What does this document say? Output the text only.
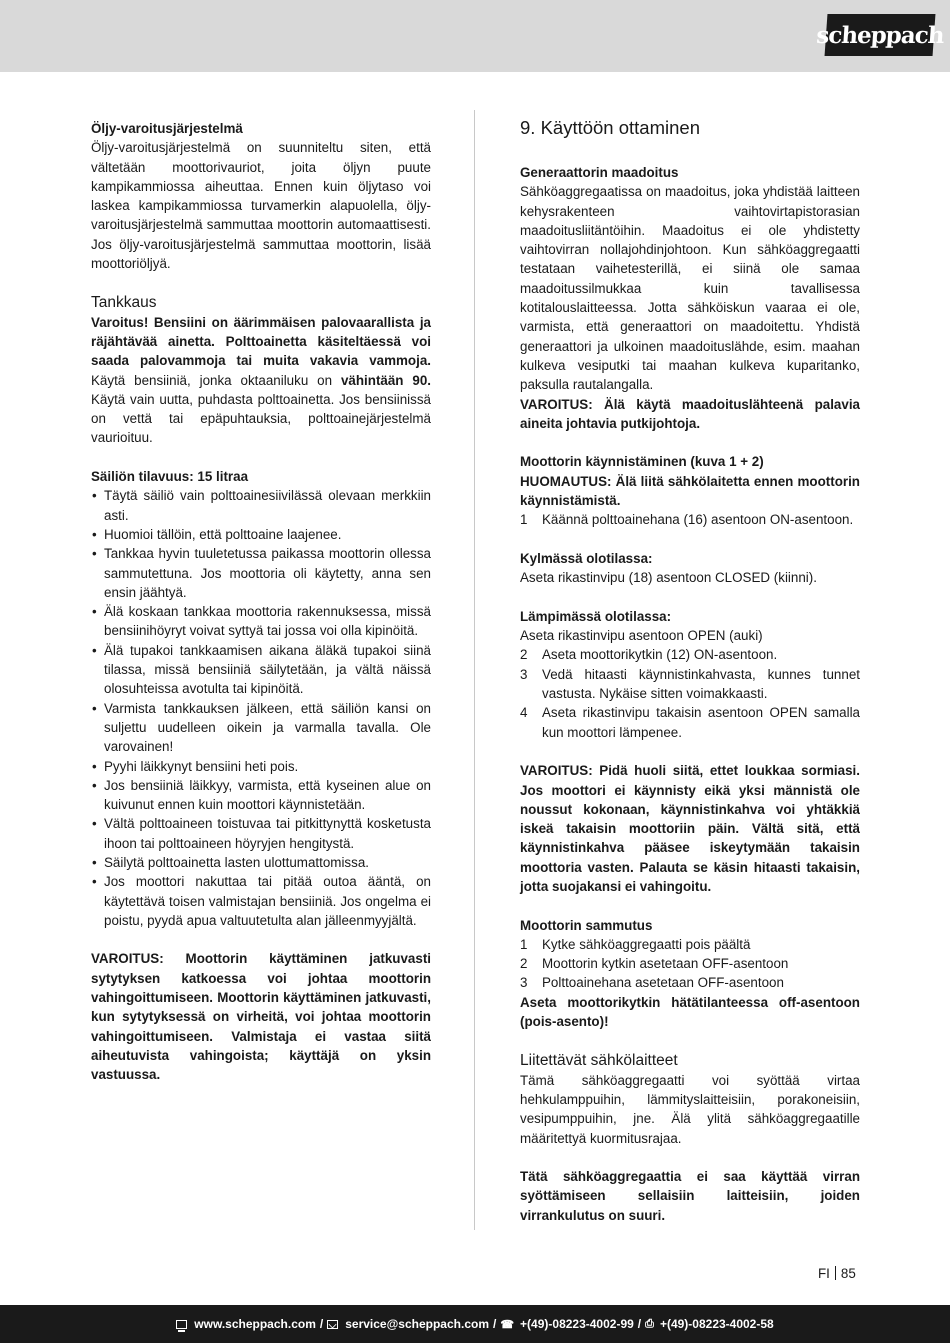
scheppach
Öljy-varoitusjärjestelmä
Öljy-varoitusjärjestelmä on suunniteltu siten, että vältetään moottorivauriot, joita öljyn puute kampikammiossa aiheuttaa. Ennen kuin öljytaso voi laskea kampikammiossa turvamerkin alapuolella, öljy-varoitusjärjestelmä sammuttaa moottorin automaattisesti. Jos öljy-varoitusjärjestelmä sammuttaa moottorin, lisää moottoriöljyä.
Tankkaus
Varoitus! Bensiini on äärimmäisen palovaarallista ja räjähtävää ainetta. Polttoainetta käsiteltäessä voi saada palovammoja tai muita vakavia vammoja. Käytä bensiiniä, jonka oktaaniluku on vähintään 90. Käytä vain uutta, puhdasta polttoainetta. Jos bensiinissä on vettä tai epäpuhtauksia, polttoainejärjestelmä vaurioituu.
Säiliön tilavuus: 15 litraa
• Täytä säiliö vain polttoainesiivilässä olevaan merkkiin asti.
• Huomioi tällöin, että polttoaine laajenee.
• Tankkaa hyvin tuuletetussa paikassa moottorin ollessa sammutettuna. Jos moottoria oli käytetty, anna sen ensin jäähtyä.
• Älä koskaan tankkaa moottoria rakennuksessa, missä bensiinihöyryt voivat syttyä tai jossa voi olla kipinöitä.
• Älä tupakoi tankkaamisen aikana äläkä tupakoi siinä tilassa, missä bensiiniä säilytetään, ja vältä näissä olosuhteissa avotulta tai kipinöitä.
• Varmista tankkauksen jälkeen, että säiliön kansi on suljettu uudelleen oikein ja varmalla tavalla. Ole varovainen!
• Pyyhi läikkynyt bensiini heti pois.
• Jos bensiiniä läikkyy, varmista, että kyseinen alue on kuivunut ennen kuin moottori käynnistetään.
• Vältä polttoaineen toistuvaa tai pitkittynyttä kosketusta ihoon tai polttoaineen höyryjen hengitystä.
• Säilytä polttoainetta lasten ulottumattomissa.
• Jos moottori nakuttaa tai pitää outoa ääntä, on käytettävä toisen valmistajan bensiiniä. Jos ongelma ei poistu, pyydä apua valtuutetulta alan jälleenmyyjältä.
VAROITUS: Moottorin käyttäminen jatkuvasti sytytyksen katkoessa voi johtaa moottorin vahingoittumiseen. Moottorin käyttäminen jatkuvasti, kun sytytyksessä on virheitä, voi johtaa moottorin vahingoittumiseen. Valmistaja ei vastaa siitä aiheutuvista vahingoista; käyttäjä on yksin vastuussa.
9. Käyttöön ottaminen
Generaattorin maadoitus
Sähköaggregaatissa on maadoitus, joka yhdistää laitteen kehysrakenteen vaihtovirtapistorasian maadoitusliitäntöihin. Maadoitus ei ole yhdistetty vaihtovirran nollajohdinjohtoon. Kun sähköaggregaatti testataan vaihetesterillä, ei siinä ole samaa maadoitussilmukkaa kuin tavallisessa kotitalouslaitteessa. Jotta sähköiskun vaaraa ei ole, varmista, että generaattori on maadoitettu. Yhdistä generaattori ja ulkoinen maadoituslähde, esim. maahan kulkeva vesiputki tai maahan kulkeva kuparitanko, paksulla rautalangalla.
VAROITUS: Älä käytä maadoituslähteenä palavia aineita johtavia putkijohtoja.
Moottorin käynnistäminen (kuva 1 + 2)
HUOMAUTUS: Älä liitä sähkölaitetta ennen moottorin käynnistämistä.
1	Käännä polttoainehana (16) asentoon ON-asentoon.
Kylmässä olotilassa:
Aseta rikastinvipu (18) asentoon CLOSED (kiinni).
Lämpimässä olotilassa:
Aseta rikastinvipu asentoon OPEN (auki)
2	Aseta moottorikytkin (12) ON-asentoon.
3	Vedä hitaasti käynnistinkahvasta, kunnes tunnet vastusta. Nykäise sitten voimakkaasti.
4	Aseta rikastinvipu takaisin asentoon OPEN samalla kun moottori lämpenee.
VAROITUS: Pidä huoli siitä, ettet loukkaa sormiasi. Jos moottori ei käynnisty eikä yksi männistä ole noussut kokonaan, käynnistinkahva voi yhtäkkiä iskeä takaisin moottoriin päin. Vältä sitä, että käynnistinkahva pääsee iskeytymään takaisin moottoria vasten. Palauta se käsin hitaasti takaisin, jotta suojakansi ei vahingoitu.
Moottorin sammutus
1	Kytke sähköaggregaatti pois päältä
2	Moottorin kytkin asetetaan OFF-asentoon
3	Polttoainehana asetetaan OFF-asentoon
Aseta moottorikytkin hätätilanteessa off-asentoon (pois-asento)!
Liitettävät sähkölaitteet
Tämä sähköaggregaatti voi syöttää virtaa hehkulamppuihin, lämmityslaitteisiin, porakoneisiin, vesipumppuihin, jne. Älä ylitä sähköaggregaatille määritettyä kuormitusrajaa.
Tätä sähköaggregaattia ei saa käyttää virran syöttämiseen sellaisiin laitteisiin, joiden virrankulutus on suuri.
FI 85
www.scheppach.com / service@scheppach.com / ☎ +(49)-08223-4002-99 / ⎙ +(49)-08223-4002-58
